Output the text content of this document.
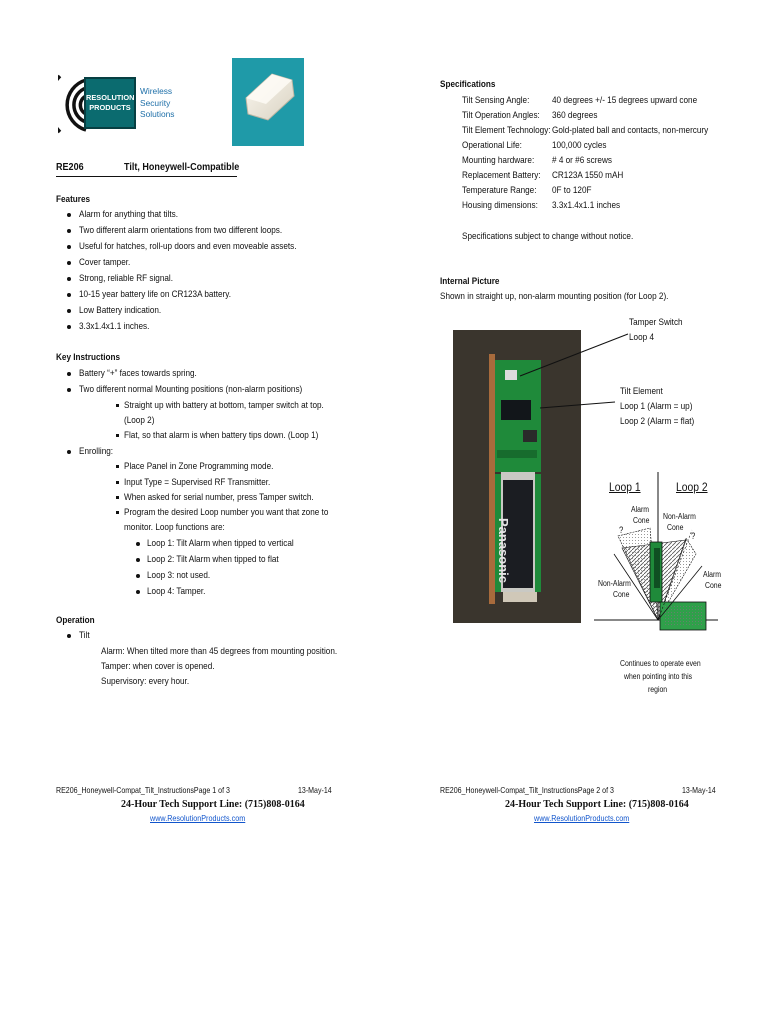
RESOLUTION
PRODUCTS
Wireless
Security
Solutions
RE206	Tilt, Honeywell-Compatible
Features
Alarm for anything that tilts.
Two different alarm orientations from two different loops.
Useful for hatches, roll-up doors and even moveable assets.
Cover tamper.
Strong, reliable RF signal.
10-15 year battery life on CR123A battery.
Low Battery indication.
3.3x1.4x1.1 inches.
Key Instructions
Battery “+” faces towards spring.
Two different normal Mounting positions (non-alarm positions)
Straight up with battery at bottom, tamper switch at top.
(Loop 2)
Flat, so that alarm is when battery tips down. (Loop 1)
Enrolling:
Place Panel in Zone Programming mode.
Input Type = Supervised RF Transmitter.
When asked for serial number, press Tamper switch.
Program the desired Loop number you want that zone to
monitor. Loop functions are:
Loop 1: Tilt Alarm when tipped to vertical
Loop 2: Tilt Alarm when tipped to flat
Loop 3: not used.
Loop 4: Tamper.
Operation
Tilt
Alarm: When tilted more than 45 degrees from mounting position.
Tamper: when cover is opened.
Supervisory: every hour.
RE206_Honeywell-Compat_Tilt_InstructionsPage 1 of 3	13-May-14
24-Hour Tech Support Line: (715)808-0164
www.ResolutionProducts.com
Specifications
Tilt Sensing Angle: 40 degrees +/- 15 degrees upward cone
Tilt Operation Angles: 360 degrees
Tilt Element Technology: Gold-plated ball and contacts, non-mercury
Operational Life:	100,000 cycles
Mounting hardware: # 4 or #6 screws
Replacement Battery: CR123A 1550 mAH
Temperature Range: 0F to 120F
Housing dimensions: 3.3x1.4x1.1 inches
Specifications subject to change without notice.
Internal Picture
Shown in straight up, non-alarm mounting position (for Loop 2).
Panasonic
Tamper Switch
Loop 4
Tilt Element
Loop 1 (Alarm = up)
Loop 2 (Alarm = flat)
Loop 1	Loop 2
Alarm
Cone Non-Alarm
Cone
?
?
Alarm
Cone
Non-Alarm
Cone
Continues to operate even
when pointing into this
region
RE206_Honeywell-Compat_Tilt_InstructionsPage 2 of 3	13-May-14
24-Hour Tech Support Line: (715)808-0164
www.ResolutionProducts.com
